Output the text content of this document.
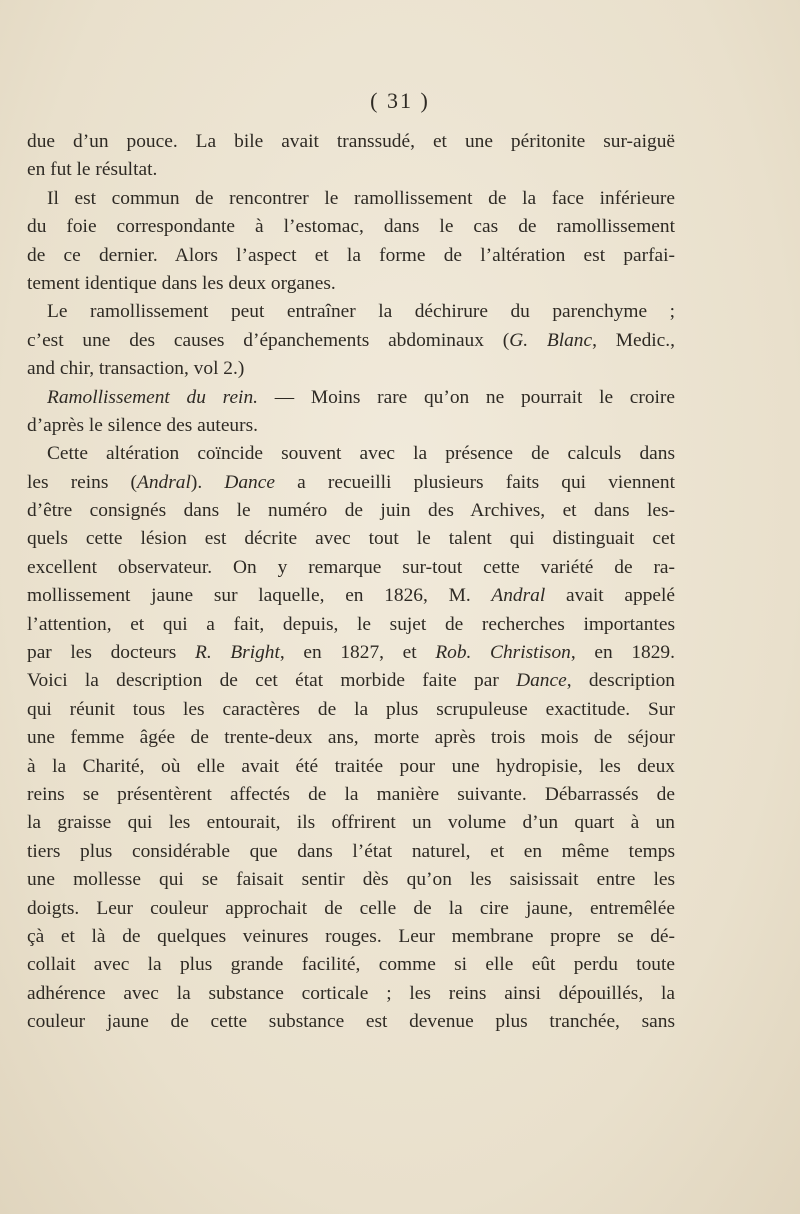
( 31 )
due d’un pouce. La bile avait transsudé, et une péritonite sur-aiguë
en fut le résultat.
Il est commun de rencontrer le ramollissement de la face inférieure
du foie correspondante à l’estomac, dans le cas de ramollissement
de ce dernier. Alors l’aspect et la forme de l’altération est parfai-
tement identique dans les deux organes.
Le ramollissement peut entraîner la déchirure du parenchyme ;
c’est une des causes d’épanchements abdominaux (G. Blanc, Medic.,
and chir, transaction, vol 2.)
Ramollissement du rein. — Moins rare qu’on ne pourrait le croire
d’après le silence des auteurs.
Cette altération coïncide souvent avec la présence de calculs dans
les reins (Andral). Dance a recueilli plusieurs faits qui viennent
d’être consignés dans le numéro de juin des Archives, et dans les-
quels cette lésion est décrite avec tout le talent qui distinguait cet
excellent observateur. On y remarque sur-tout cette variété de ra-
mollissement jaune sur laquelle, en 1826, M. Andral avait appelé
l’attention, et qui a fait, depuis, le sujet de recherches importantes
par les docteurs R. Bright, en 1827, et Rob. Christison, en 1829.
Voici la description de cet état morbide faite par Dance, description
qui réunit tous les caractères de la plus scrupuleuse exactitude. Sur
une femme âgée de trente-deux ans, morte après trois mois de séjour
à la Charité, où elle avait été traitée pour une hydropisie, les deux
reins se présentèrent affectés de la manière suivante. Débarrassés de
la graisse qui les entourait, ils offrirent un volume d’un quart à un
tiers plus considérable que dans l’état naturel, et en même temps
une mollesse qui se faisait sentir dès qu’on les saisissait entre les
doigts. Leur couleur approchait de celle de la cire jaune, entremêlée
çà et là de quelques veinures rouges. Leur membrane propre se dé-
collait avec la plus grande facilité, comme si elle eût perdu toute
adhérence avec la substance corticale ; les reins ainsi dépouillés, la
couleur jaune de cette substance est devenue plus tranchée, sans
